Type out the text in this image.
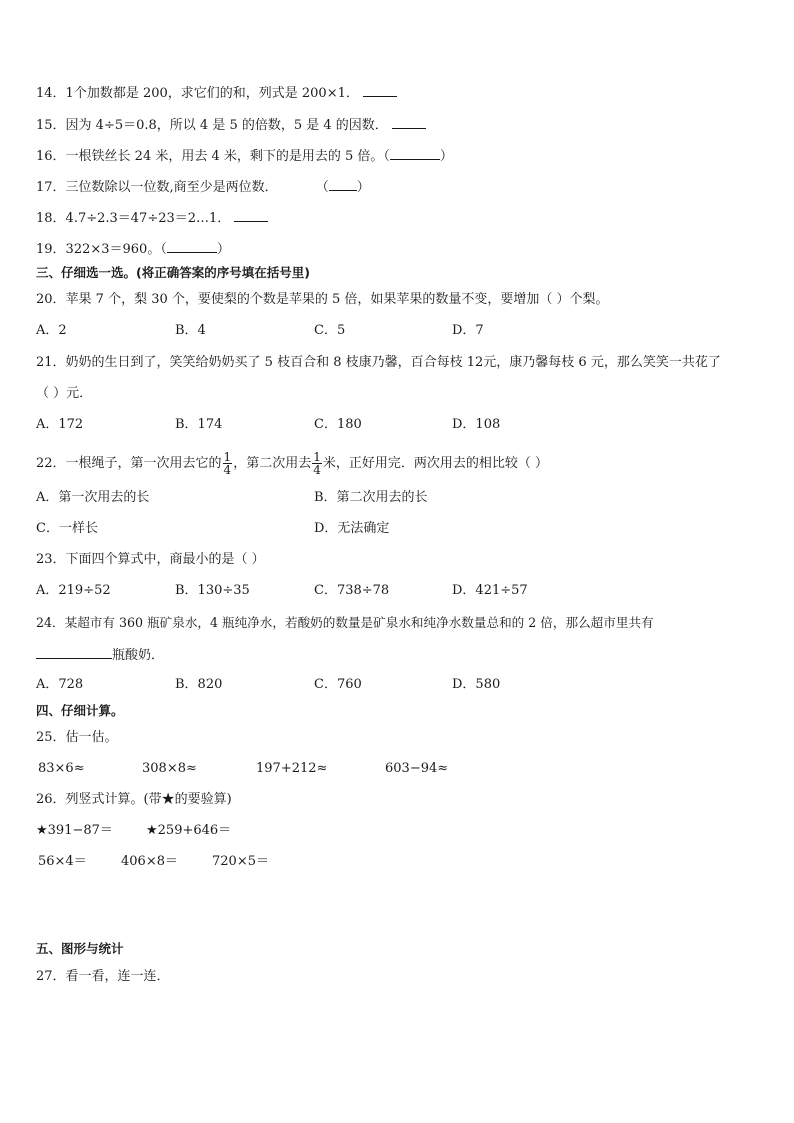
14．1个加数都是 200，求它们的和，列式是 200×1．
15．因为 4÷5＝0.8，所以 4 是 5 的倍数，5 是 4 的因数．
16．一根铁丝长 24 米，用去 4 米，剩下的是用去的 5 倍。（	）
17．三位数除以一位数,商至少是两位数．	（ ）
18．4.7÷2.3＝47÷23＝2…1．
19．322×3＝960。（	）
三、仔细选一选。(将正确答案的序号填在括号里)
20．苹果 7 个，梨 30 个，要使梨的个数是苹果的 5 倍，如果苹果的数量不变，要增加（ ）个梨。
A．2	B．4	C．5	D．7
21．奶奶的生日到了，笑笑给奶奶买了 5 枝百合和 8 枝康乃馨，百合每枝 12元，康乃馨每枝 6 元，那么笑笑一共花了
（ ）元．
A．172	B．174	C．180	D．108
22．一根绳子，第一次用去它的 $\frac{1}{4}$ ，第二次用去 $\frac{1}{4}$ 米，正好用完．两次用去的相比较（ ）
A．第一次用去的长	B．第二次用去的长
C．一样长	D．无法确定
23．下面四个算式中，商最小的是（ ）
A．219÷52	B．130÷35	C．738÷78	D．421÷57
24．某超市有 360 瓶矿泉水，4 瓶纯净水，若酸奶的数量是矿泉水和纯净水数量总和的 2 倍，那么超市里共有
瓶酸奶．
A．728	B．820	C．760	D．580
四、仔细计算。
25．估一估。
83×6≈	308×8≈	197+212≈	603−94≈
26．列竖式计算。(带★的要验算)
★391−87＝	★259+646＝
56×4＝	406×8＝	720×5＝
五、图形与统计
27．看一看，连一连．
